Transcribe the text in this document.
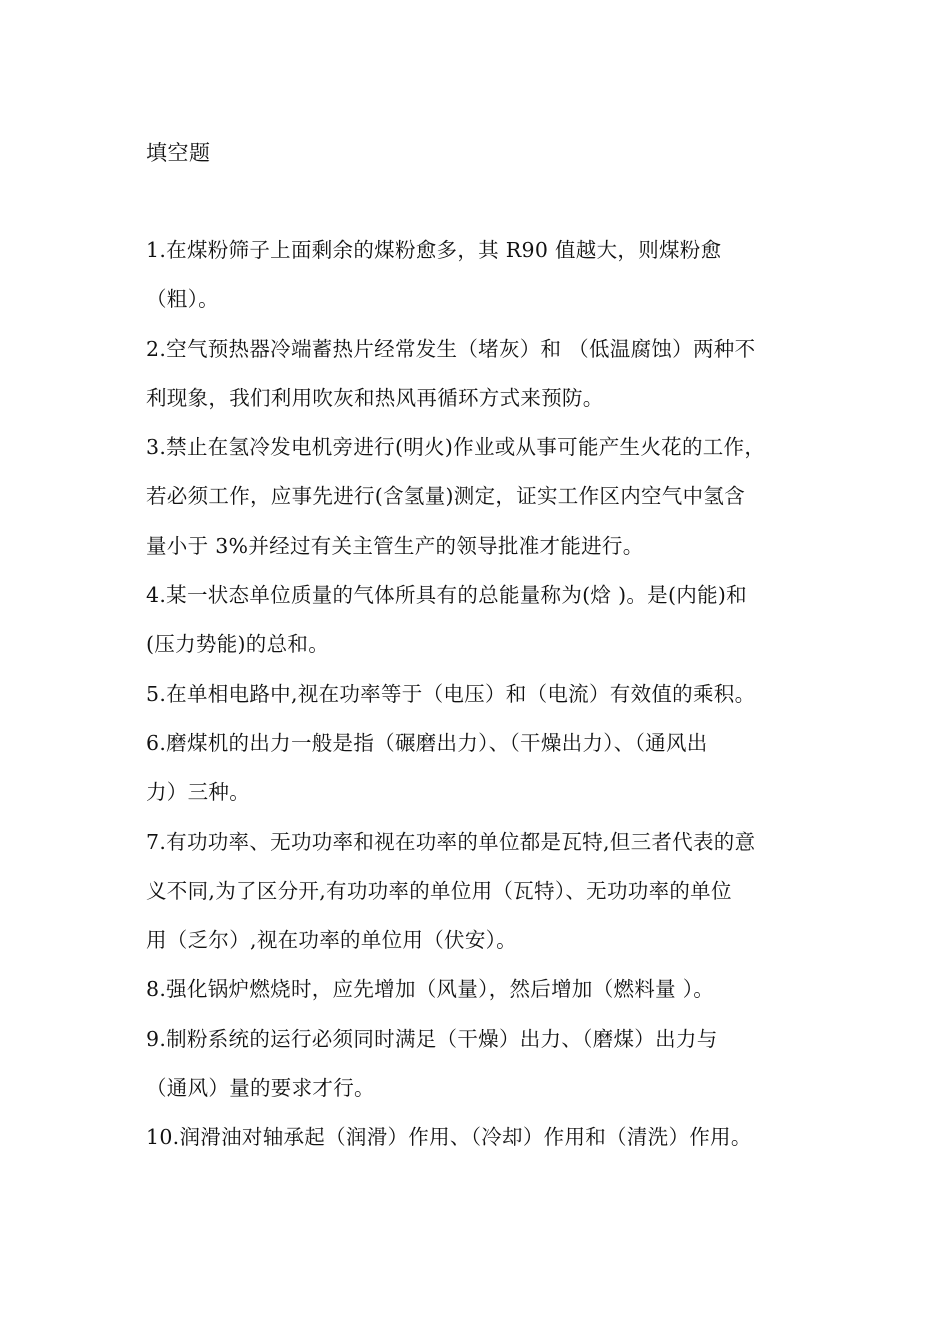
填空题
1.在煤粉筛子上面剩余的煤粉愈多，其 R90 值越大，则煤粉愈
（粗）。
2.空气预热器冷端蓄热片经常发生（堵灰）和 （低温腐蚀）两种不
利现象，我们利用吹灰和热风再循环方式来预防。
3.禁止在氢冷发电机旁进行(明火)作业或从事可能产生火花的工作，
若必须工作，应事先进行(含氢量)测定，证实工作区内空气中氢含
量小于 3%并经过有关主管生产的领导批准才能进行。
4.某一状态单位质量的气体所具有的总能量称为(焓 )。是(内能)和
(压力势能)的总和。
5.在单相电路中,视在功率等于（电压）和（电流）有效值的乘积。
6.磨煤机的出力一般是指（碾磨出力）、（干燥出力）、（通风出
力）三种。
7.有功功率、无功功率和视在功率的单位都是瓦特,但三者代表的意
义不同,为了区分开,有功功率的单位用（瓦特）、无功功率的单位
用（乏尔）,视在功率的单位用（伏安）。
8.强化锅炉燃烧时，应先增加（风量），然后增加（燃料量 ）。
9.制粉系统的运行必须同时满足（干燥）出力、（磨煤）出力与
（通风）量的要求才行。
10.润滑油对轴承起（润滑）作用、（冷却）作用和（清洗）作用。
